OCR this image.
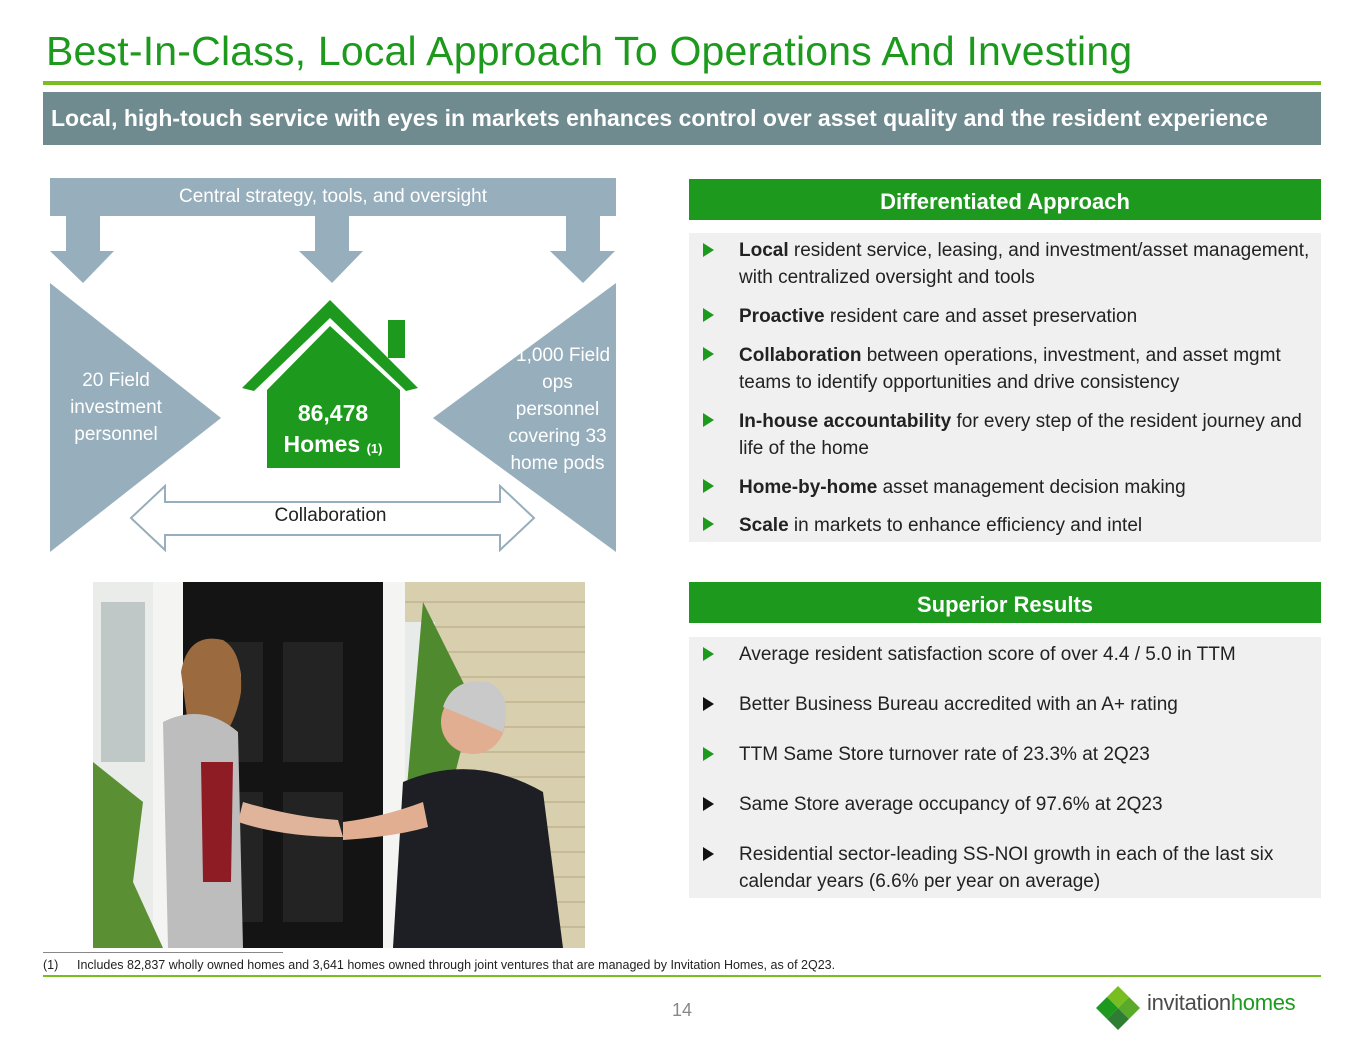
Best-In-Class, Local Approach To Operations And Investing
Local, high-touch service with eyes in markets enhances control over asset quality and the resident experience
Central strategy, tools, and oversight
20 Field investment personnel
~1,000 Field ops personnel covering 33 home pods
86,478
Homes $^{(1)}$
Collaboration
Differentiated Approach
Local resident service, leasing, and investment/asset management, with centralized oversight and tools
Proactive resident care and asset preservation
Collaboration between operations, investment, and asset mgmt teams to identify opportunities and drive consistency
In-house accountability for every step of the resident journey and life of the home
Home-by-home asset management decision making
Scale in markets to enhance efficiency and intel
Superior Results
Average resident satisfaction score of over 4.4 / 5.0 in TTM
Better Business Bureau accredited with an A+ rating
TTM Same Store turnover rate of 23.3% at 2Q23
Same Store average occupancy of 97.6% at 2Q23
Residential sector-leading SS-NOI growth in each of the last six calendar years (6.6% per year on average)
(1) Includes 82,837 wholly owned homes and 3,641 homes owned through joint ventures that are managed by Invitation Homes, as of 2Q23.
14	invitationhomes
